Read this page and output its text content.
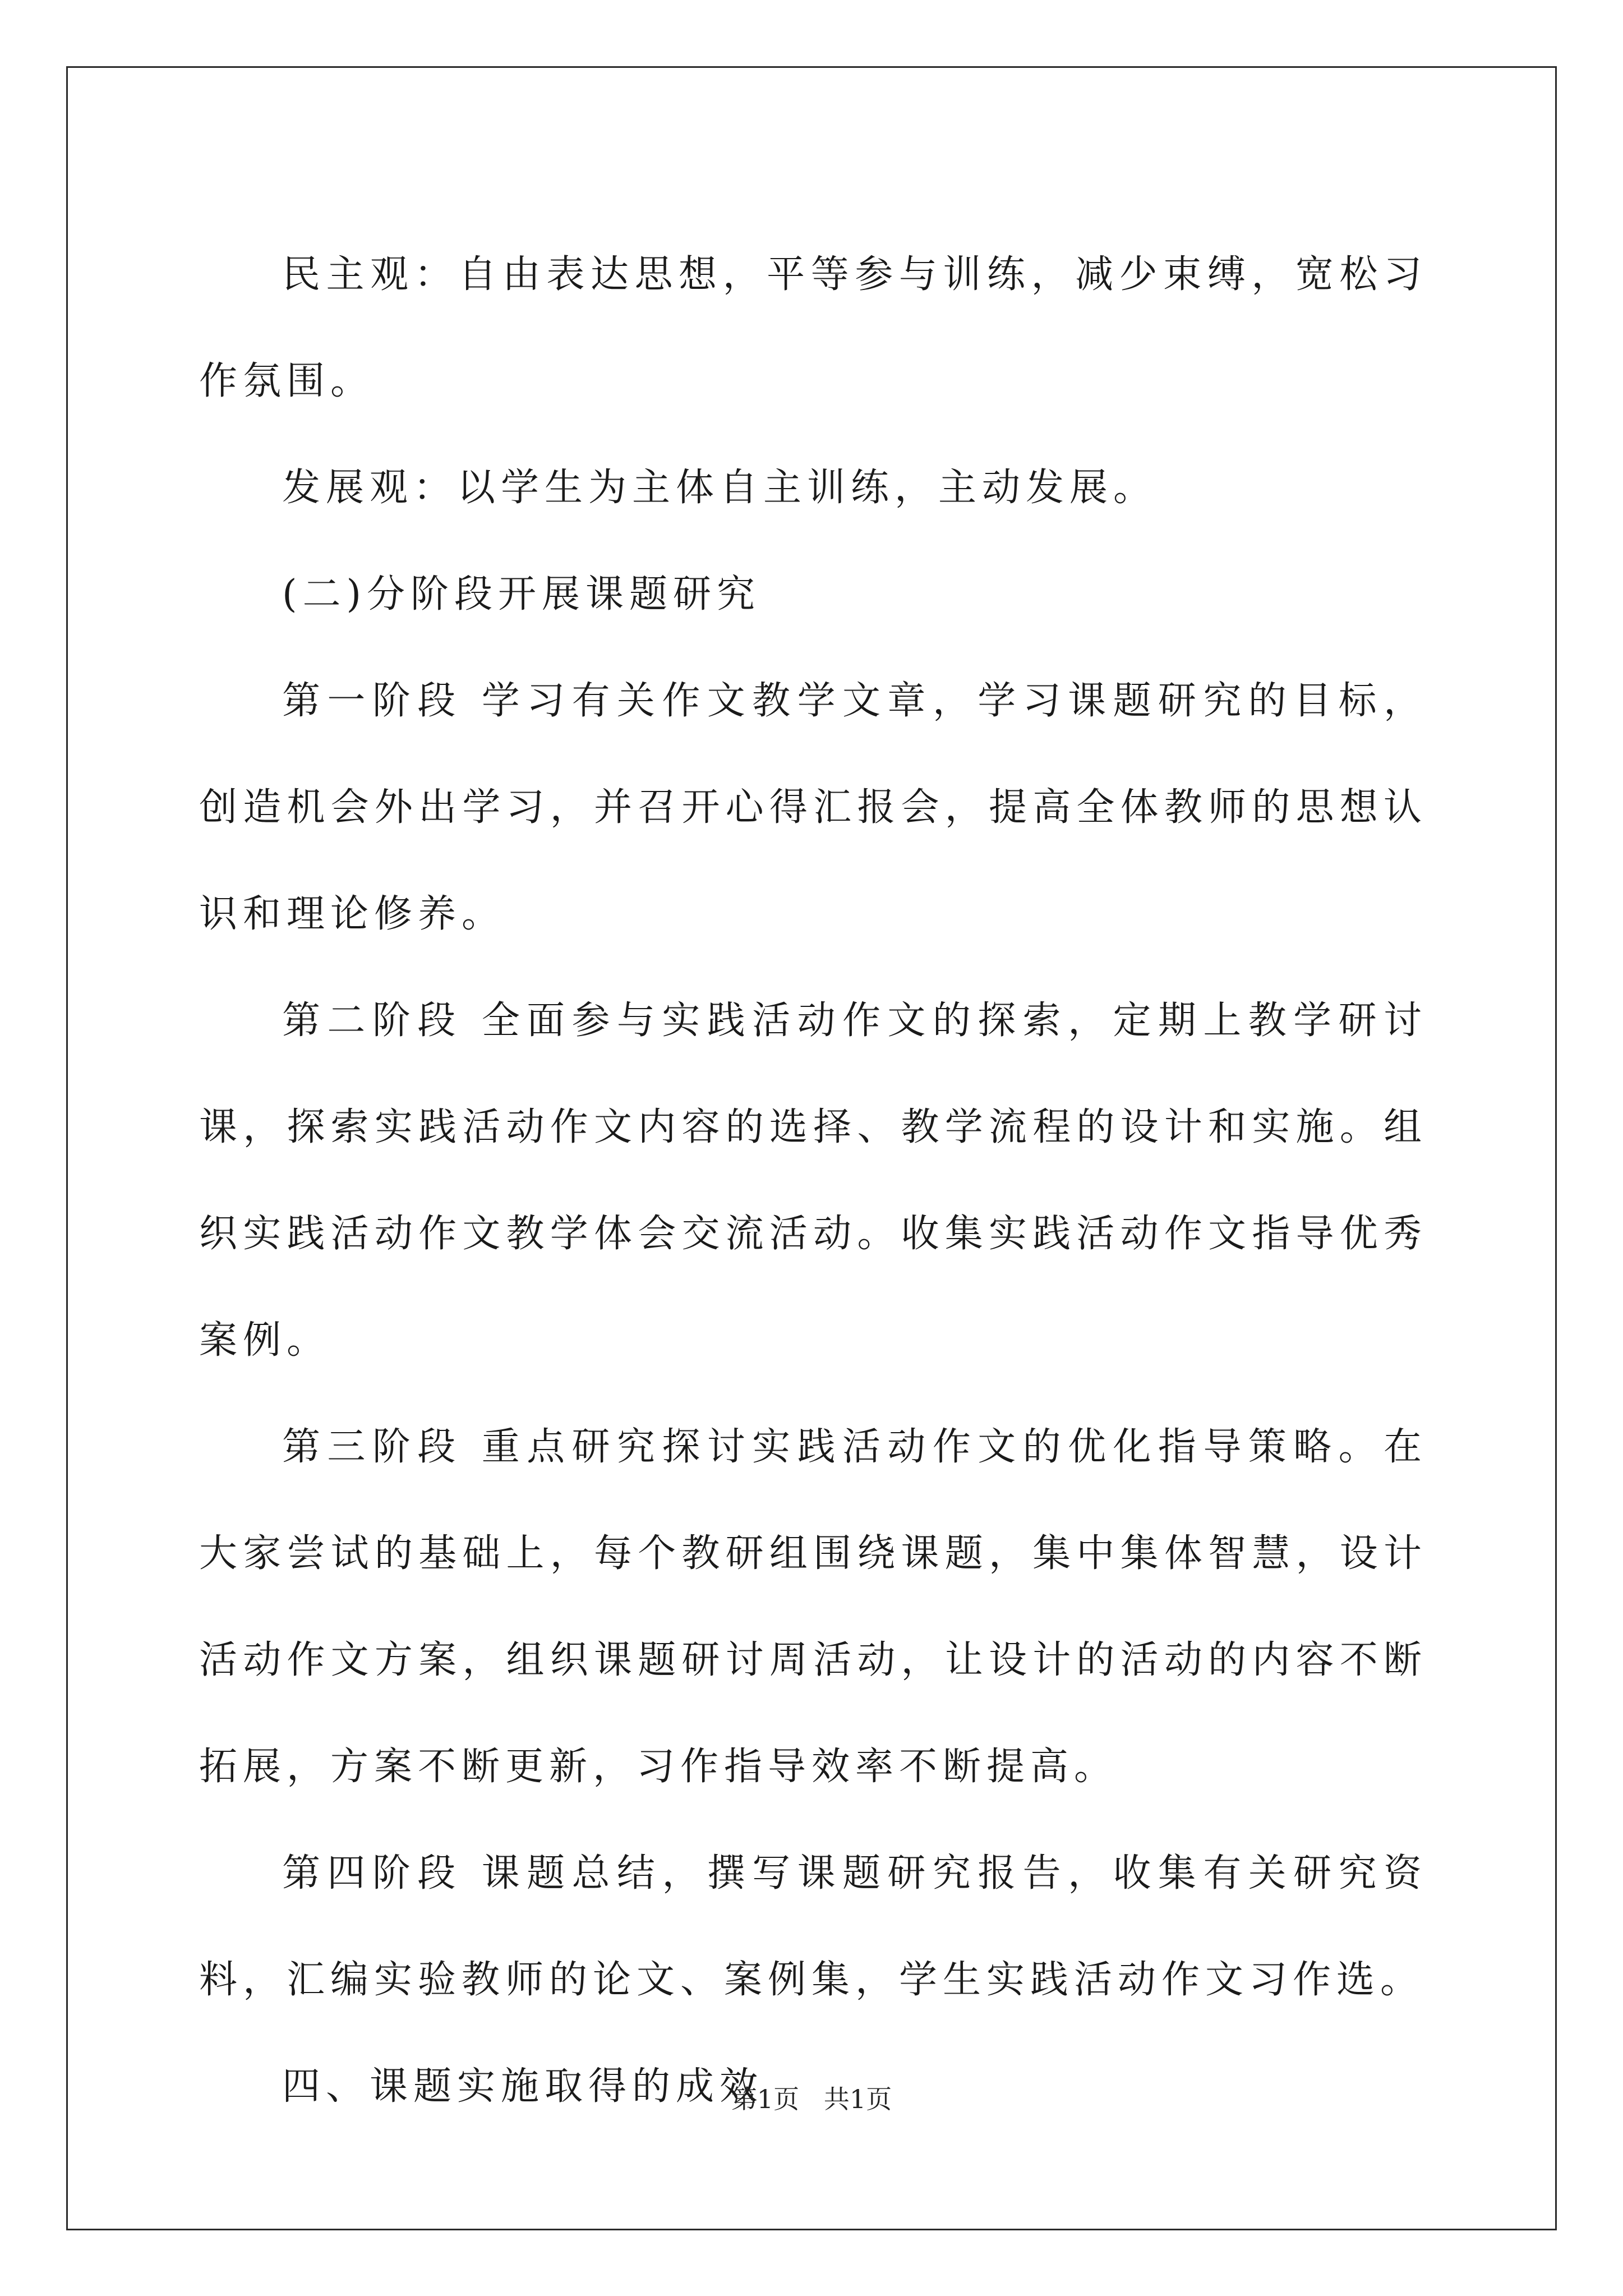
民主观：自由表达思想，平等参与训练，减少束缚，宽松习作氛围。

发展观：以学生为主体自主训练，主动发展。

(二)分阶段开展课题研究

第一阶段 学习有关作文教学文章，学习课题研究的目标，创造机会外出学习，并召开心得汇报会，提高全体教师的思想认识和理论修养。

第二阶段 全面参与实践活动作文的探索，定期上教学研讨课，探索实践活动作文内容的选择、教学流程的设计和实施。组织实践活动作文教学体会交流活动。收集实践活动作文指导优秀案例。

第三阶段 重点研究探讨实践活动作文的优化指导策略。在大家尝试的基础上，每个教研组围绕课题，集中集体智慧，设计活动作文方案，组织课题研讨周活动，让设计的活动的内容不断拓展，方案不断更新，习作指导效率不断提高。

第四阶段 课题总结，撰写课题研究报告，收集有关研究资料，汇编实验教师的论文、案例集，学生实践活动作文习作选。

四、课题实施取得的成效

第1页   共1页
